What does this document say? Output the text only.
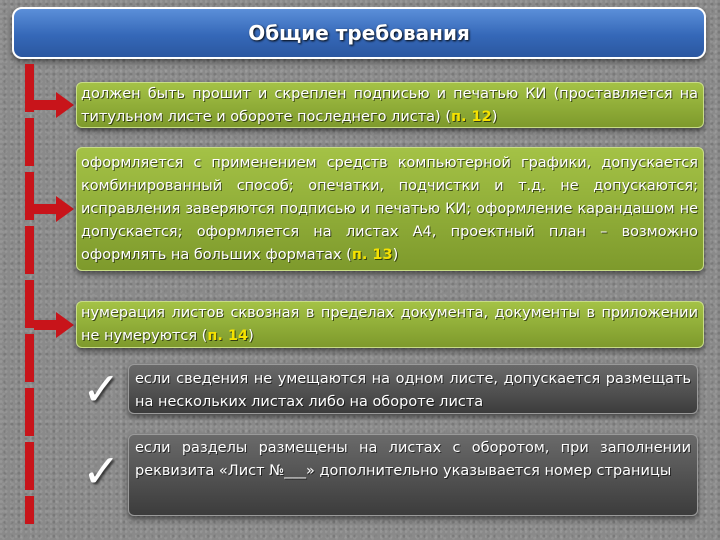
Общие требования
должен быть прошит и скреплен подписью и печатью КИ (проставляется на титульном листе и обороте последнего листа) (п. 12)
оформляется с применением средств компьютерной графики, допускается комбинированный способ; опечатки, подчистки и т.д. не допускаются; исправления заверяются подписью и печатью КИ; оформление карандашом не допускается; оформляется на листах А4, проектный план – возможно оформлять на больших форматах (п. 13)
нумерация листов сквозная в пределах документа, документы в приложении не нумеруются (п. 14)
✓ если сведения не умещаются на одном листе, допускается размещать на нескольких листах либо на обороте листа
✓ если разделы размещены на листах с оборотом, при заполнении реквизита «Лист №___» дополнительно указывается номер страницы
